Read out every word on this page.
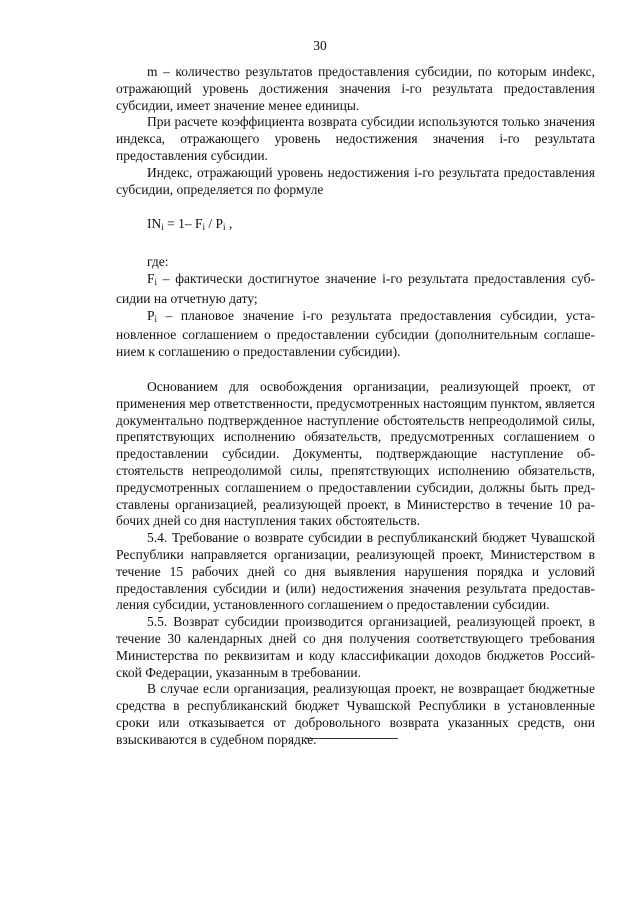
30

m – количество результатов предоставления субсидии, по которым инdекс, отражающий уровень достижения значения i-го результата предоставления субсидии, имеет значение менее единицы.

При расчете коэффициента возврата субсидии используются только значения индекса, отражающего уровень недостижения значения i-го результата предоставления субсидии.

Индекс, отражающий уровень недостижения i-го результата предоставления субсидии, определяется по формуле

$IN_i = 1-$ $F_i / P_i$ ,

где:

$F_i$ – фактически достигнутое значение i-го результата предоставления субсидии на отчетную дату;

$P_i$ – плановое значение i-го результата предоставления субсидии, установленное соглашением о предоставлении субсидии (дополнительным соглашением к соглашению о предоставлении субсидии).

Основанием для освобождения организации, реализующей проект, от применения мер ответственности, предусмотренных настоящим пунктом, является документально подтвержденное наступление обстоятельств непреодолимой силы, препятствующих исполнению обязательств, предусмотренных соглашением о предоставлении субсидии. Документы, подтверждающие наступление обстоятельств непреодолимой силы, препятствующих исполнению обязательств, предусмотренных соглашением о предоставлении субсидии, должны быть представлены организацией, реализующей проект, в Министерство в течение 10 рабочих дней со дня наступления таких обстоятельств.

5.4. Требование о возврате субсидии в республиканский бюджет Чувашской Республики направляется организации, реализующей проект, Министерством в течение 15 рабочих дней со дня выявления нарушения порядка и условий предоставления субсидии и (или) недостижения значения результата предоставления субсидии, установленного соглашением о предоставлении субсидии.

5.5. Возврат субсидии производится организацией, реализующей проект, в течение 30 календарных дней со дня получения соответствующего требования Министерства по реквизитам и коду классификации доходов бюджетов Российской Федерации, указанным в требовании.

В случае если организация, реализующая проект, не возвращает бюджетные средства в республиканский бюджет Чувашской Республики в установленные сроки или отказывается от добровольного возврата указанных средств, они взыскиваются в судебном порядке.
